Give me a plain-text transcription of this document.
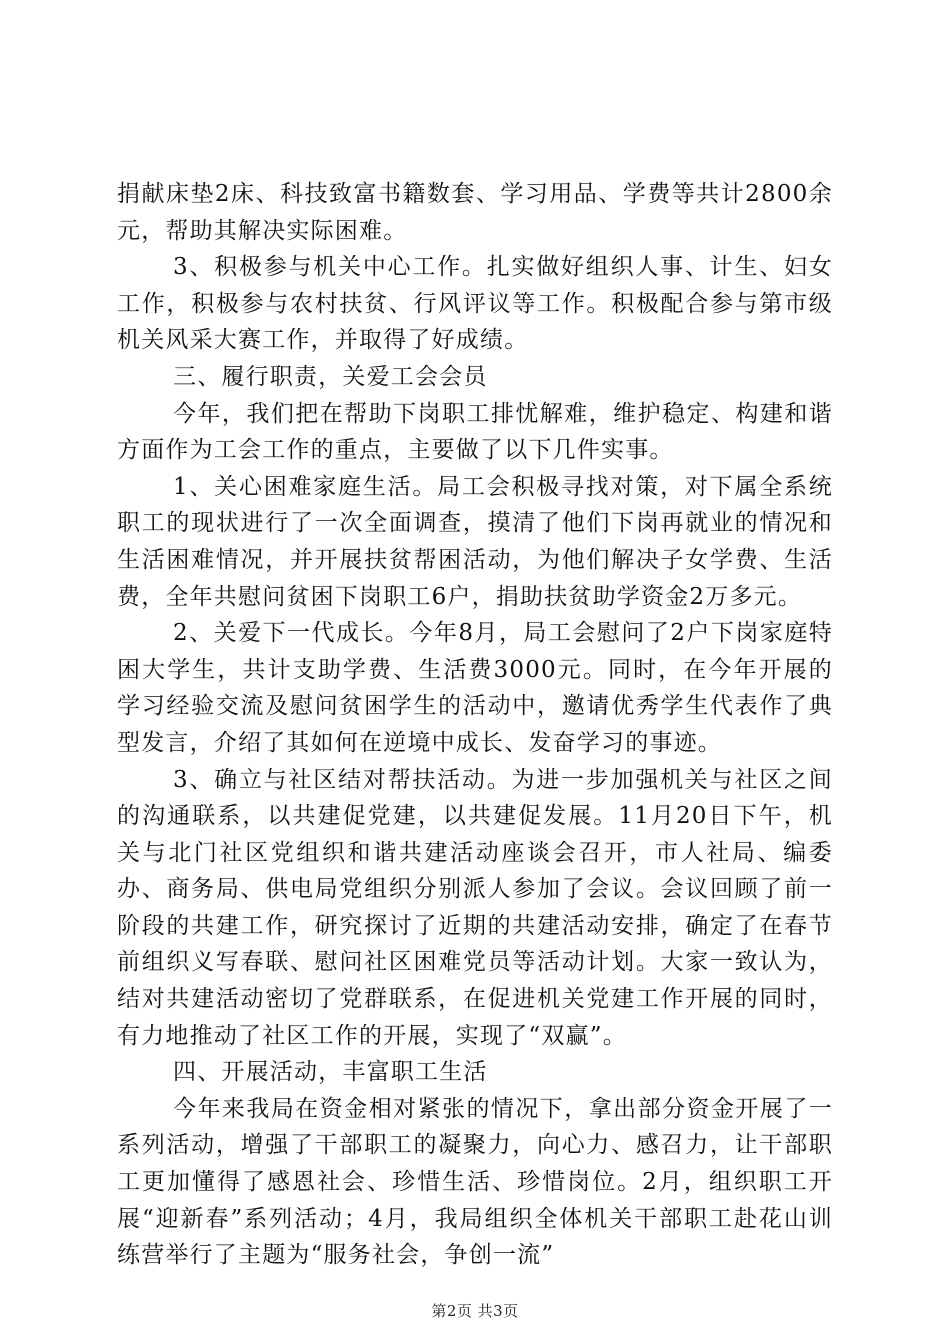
捐献床垫2床、科技致富书籍数套、学习用品、学费等共计2800余元，帮助其解决实际困难。

3、积极参与机关中心工作。扎实做好组织人事、计生、妇女工作，积极参与农村扶贫、行风评议等工作。积极配合参与第市级机关风采大赛工作，并取得了好成绩。

三、履行职责，关爱工会会员

今年，我们把在帮助下岗职工排忧解难，维护稳定、构建和谐方面作为工会工作的重点，主要做了以下几件实事。

1、关心困难家庭生活。局工会积极寻找对策，对下属全系统职工的现状进行了一次全面调查，摸清了他们下岗再就业的情况和生活困难情况，并开展扶贫帮困活动，为他们解决子女学费、生活费，全年共慰问贫困下岗职工6户，捐助扶贫助学资金2万多元。

2、关爱下一代成长。今年8月，局工会慰问了2户下岗家庭特困大学生，共计支助学费、生活费3000元。同时，在今年开展的学习经验交流及慰问贫困学生的活动中，邀请优秀学生代表作了典型发言，介绍了其如何在逆境中成长、发奋学习的事迹。

3、确立与社区结对帮扶活动。为进一步加强机关与社区之间的沟通联系，以共建促党建，以共建促发展。11月20日下午，机关与北门社区党组织和谐共建活动座谈会召开，市人社局、编委办、商务局、供电局党组织分别派人参加了会议。会议回顾了前一阶段的共建工作，研究探讨了近期的共建活动安排，确定了在春节前组织义写春联、慰问社区困难党员等活动计划。大家一致认为，结对共建活动密切了党群联系，在促进机关党建工作开展的同时，有力地推动了社区工作的开展，实现了“双赢”。

四、开展活动，丰富职工生活

今年来我局在资金相对紧张的情况下，拿出部分资金开展了一系列活动，增强了干部职工的凝聚力，向心力、感召力，让干部职工更加懂得了感恩社会、珍惜生活、珍惜岗位。2月，组织职工开展“迎新春”系列活动；4月，我局组织全体机关干部职工赴花山训练营举行了主题为“服务社会，争创一流”

第2页 共3页
